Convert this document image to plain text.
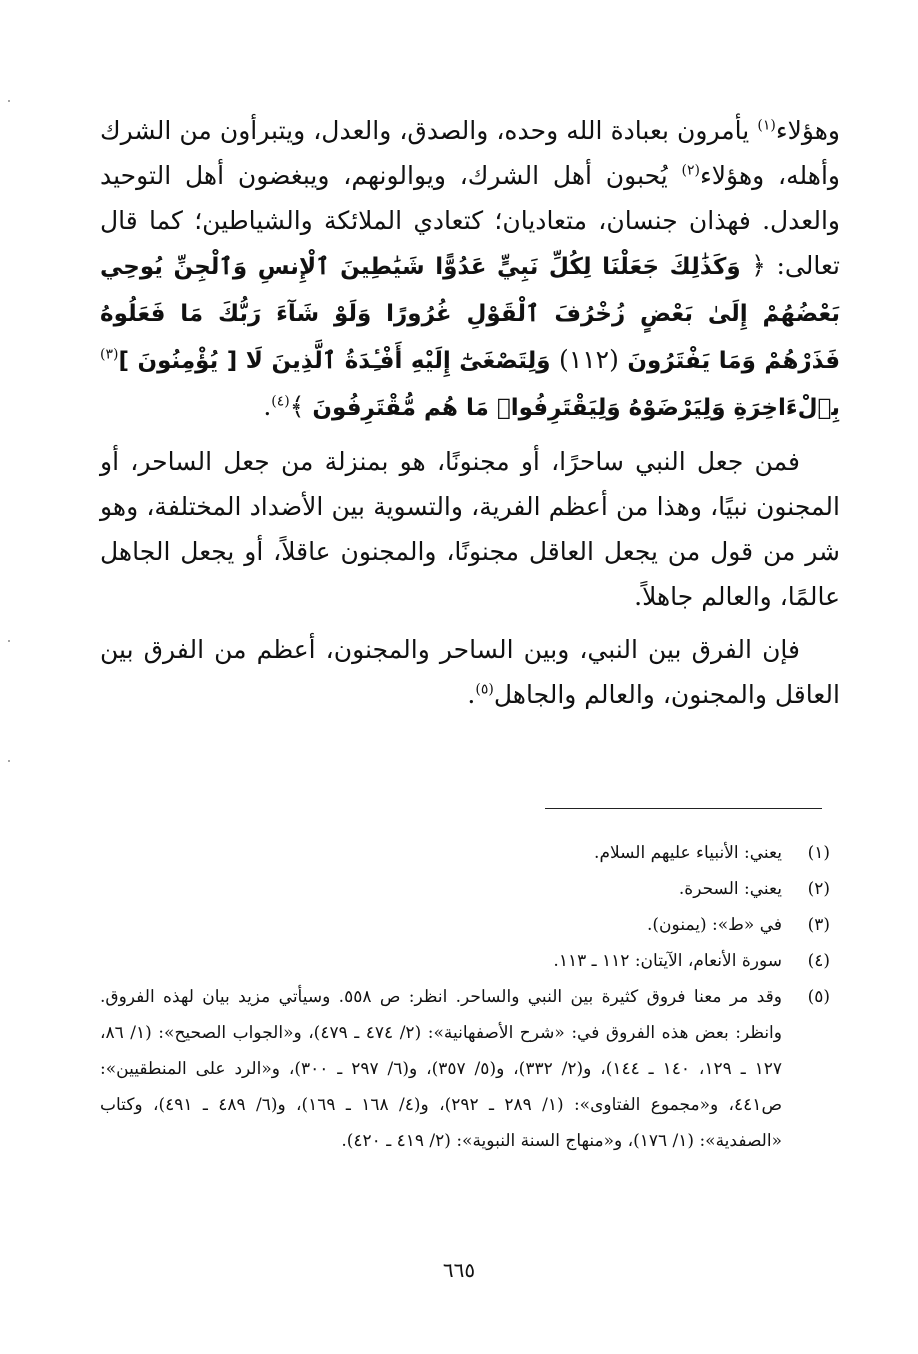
وهؤلاء$^{(١)}$ يأمرون بعبادة الله وحده، والصدق، والعدل، ويتبرأون من الشرك وأهله، وهؤلاء$^{(٢)}$ يُحبون أهل الشرك، ويوالونهم، ويبغضون أهل التوحيد والعدل. فهذان جنسان، متعاديان؛ كتعادي الملائكة والشياطين؛ كما قال تعالى: ﴿ وَكَذَٰلِكَ جَعَلْنَا لِكُلِّ نَبِيٍّ عَدُوًّا شَيَٰطِينَ ٱلْإِنسِ وَٱلْجِنِّ يُوحِي بَعْضُهُمْ إِلَىٰ بَعْضٍ زُخْرُفَ ٱلْقَوْلِ غُرُورًا وَلَوْ شَآءَ رَبُّكَ مَا فَعَلُوهُ فَذَرْهُمْ وَمَا يَفْتَرُونَ (١١٢) وَلِتَصْغَىٰٓ إِلَيْهِ أَفْـِٔدَةُ ٱلَّذِينَ لَا [ يُؤْمِنُونَ ]$^{(٣)}$ بِٱلْءَاخِرَةِ وَلِيَرْضَوْهُ وَلِيَقْتَرِفُوا۟ مَا هُم مُّقْتَرِفُونَ ﴾$^{(٤)}$.

فمن جعل النبي ساحرًا، أو مجنونًا، هو بمنزلة من جعل الساحر، أو المجنون نبيًا، وهذا من أعظم الفرية، والتسوية بين الأضداد المختلفة، وهو شر من قول من يجعل العاقل مجنونًا، والمجنون عاقلاً، أو يجعل الجاهل عالمًا، والعالم جاهلاً.

فإن الفرق بين النبي، وبين الساحر والمجنون، أعظم من الفرق بين العاقل والمجنون، والعالم والجاهل$^{(٥)}$.

(١)
يعني: الأنبياء عليهم السلام.
(٢)
يعني: السحرة.
(٣)
في «ط»: (يمنون).
(٤)
سورة الأنعام، الآيتان: ١١٢ ـ ١١٣.
(٥)
وقد مر معنا فروق كثيرة بين النبي والساحر. انظر: ص ٥٥٨. وسيأتي مزيد بيان لهذه الفروق. وانظر: بعض هذه الفروق في: «شرح الأصفهانية»: (٢/ ٤٧٤ ـ ٤٧٩)، و«الجواب الصحيح»: (١/ ٨٦، ١٢٧ ـ ١٢٩، ١٤٠ ـ ١٤٤)، و(٢/ ٣٣٢)، و(٥/ ٣٥٧)، و(٦/ ٢٩٧ ـ ٣٠٠)، و«الرد على المنطقيين»: ص٤٤١، و«مجموع الفتاوى»: (١/ ٢٨٩ ـ ٢٩٢)، و(٤/ ١٦٨ ـ ١٦٩)، و(٦/ ٤٨٩ ـ ٤٩١)، وكتاب «الصفدية»: (١/ ١٧٦)، و«منهاج السنة النبوية»: (٢/ ٤١٩ ـ ٤٢٠).
٦٦٥
